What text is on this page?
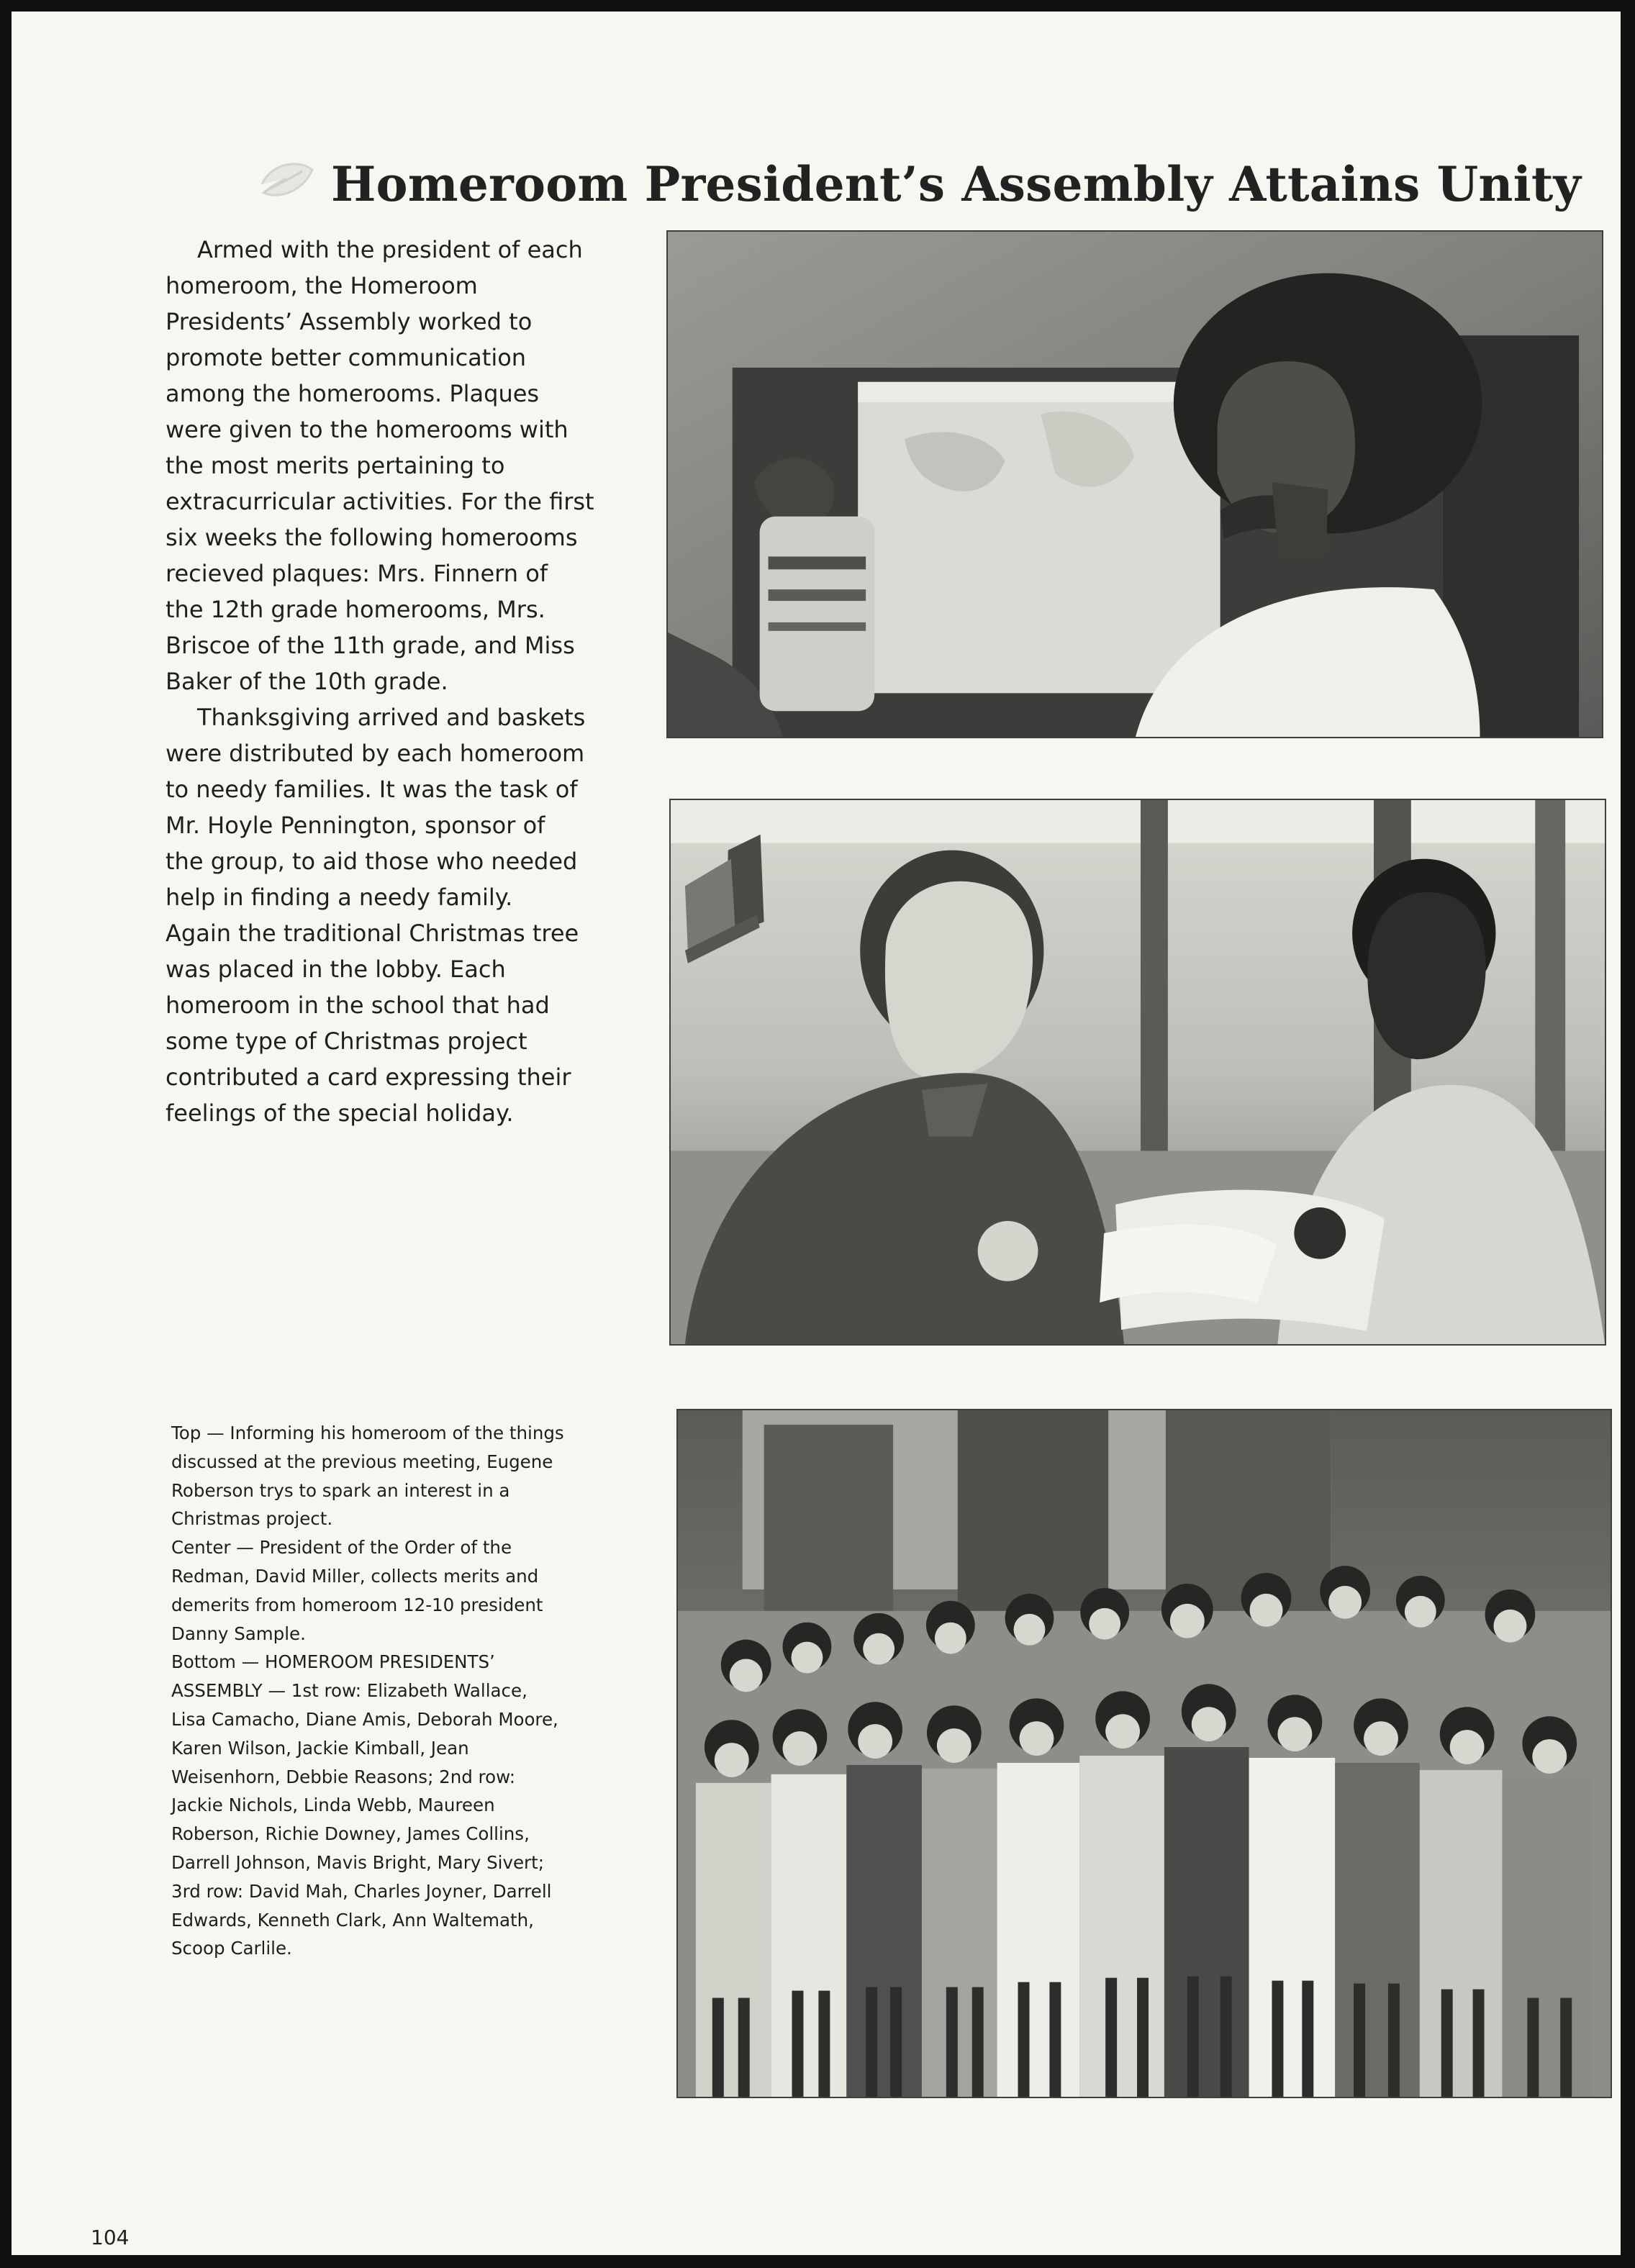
Homeroom President’s Assembly Attains Unity

Armed with the president of each
homeroom, the Homeroom
Presidents’ Assembly worked to
promote better communication
among the homerooms. Plaques
were given to the homerooms with
the most merits pertaining to
extracurricular activities. For the first
six weeks the following homerooms
recieved plaques: Mrs. Finnern of
the 12th grade homerooms, Mrs.
Briscoe of the 11th grade, and Miss
Baker of the 10th grade.

Thanksgiving arrived and baskets
were distributed by each homeroom
to needy families. It was the task of
Mr. Hoyle Pennington, sponsor of
the group, to aid those who needed
help in finding a needy family.
Again the traditional Christmas tree
was placed in the lobby. Each
homeroom in the school that had
some type of Christmas project
contributed a card expressing their
feelings of the special holiday.

Top — Informing his homeroom of the things
discussed at the previous meeting, Eugene
Roberson trys to spark an interest in a
Christmas project.
Center — President of the Order of the
Redman, David Miller, collects merits and
demerits from homeroom 12-10 president
Danny Sample.
Bottom — HOMEROOM PRESIDENTS’
ASSEMBLY — 1st row: Elizabeth Wallace,
Lisa Camacho, Diane Amis, Deborah Moore,
Karen Wilson, Jackie Kimball, Jean
Weisenhorn, Debbie Reasons; 2nd row:
Jackie Nichols, Linda Webb, Maureen
Roberson, Richie Downey, James Collins,
Darrell Johnson, Mavis Bright, Mary Sivert;
3rd row: David Mah, Charles Joyner, Darrell
Edwards, Kenneth Clark, Ann Waltemath,
Scoop Carlile.
104
